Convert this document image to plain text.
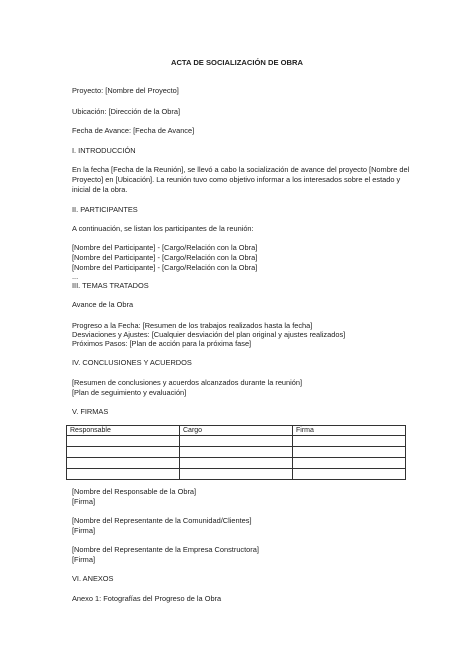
ACTA DE SOCIALIZACIÓN DE OBRA
Proyecto: [Nombre del Proyecto]
Ubicación: [Dirección de la Obra]
Fecha de Avance: [Fecha de Avance]
I. INTRODUCCIÓN
En la fecha [Fecha de la Reunión], se llevó a cabo la socialización de avance del proyecto [Nombre del Proyecto] en [Ubicación]. La reunión tuvo como objetivo informar a los interesados sobre el estado y inicial de la obra.
II. PARTICIPANTES
A continuación, se listan los participantes de la reunión:
[Nombre del Participante] - [Cargo/Relación con la Obra]
[Nombre del Participante] - [Cargo/Relación con la Obra]
[Nombre del Participante] - [Cargo/Relación con la Obra]
...
III. TEMAS TRATADOS
Avance de la Obra
Progreso a la Fecha: [Resumen de los trabajos realizados hasta la fecha]
Desviaciones y Ajustes: [Cualquier desviación del plan original y ajustes realizados]
Próximos Pasos: [Plan de acción para la próxima fase]
IV. CONCLUSIONES Y ACUERDOS
[Resumen de conclusiones y acuerdos alcanzados durante la reunión]
[Plan de seguimiento y evaluación]
V. FIRMAS
Responsable	Cargo	Firma

[Nombre del Responsable de la Obra]
[Firma]
[Nombre del Representante de la Comunidad/Clientes]
[Firma]
[Nombre del Representante de la Empresa Constructora]
[Firma]
VI. ANEXOS
Anexo 1: Fotografías del Progreso de la Obra
